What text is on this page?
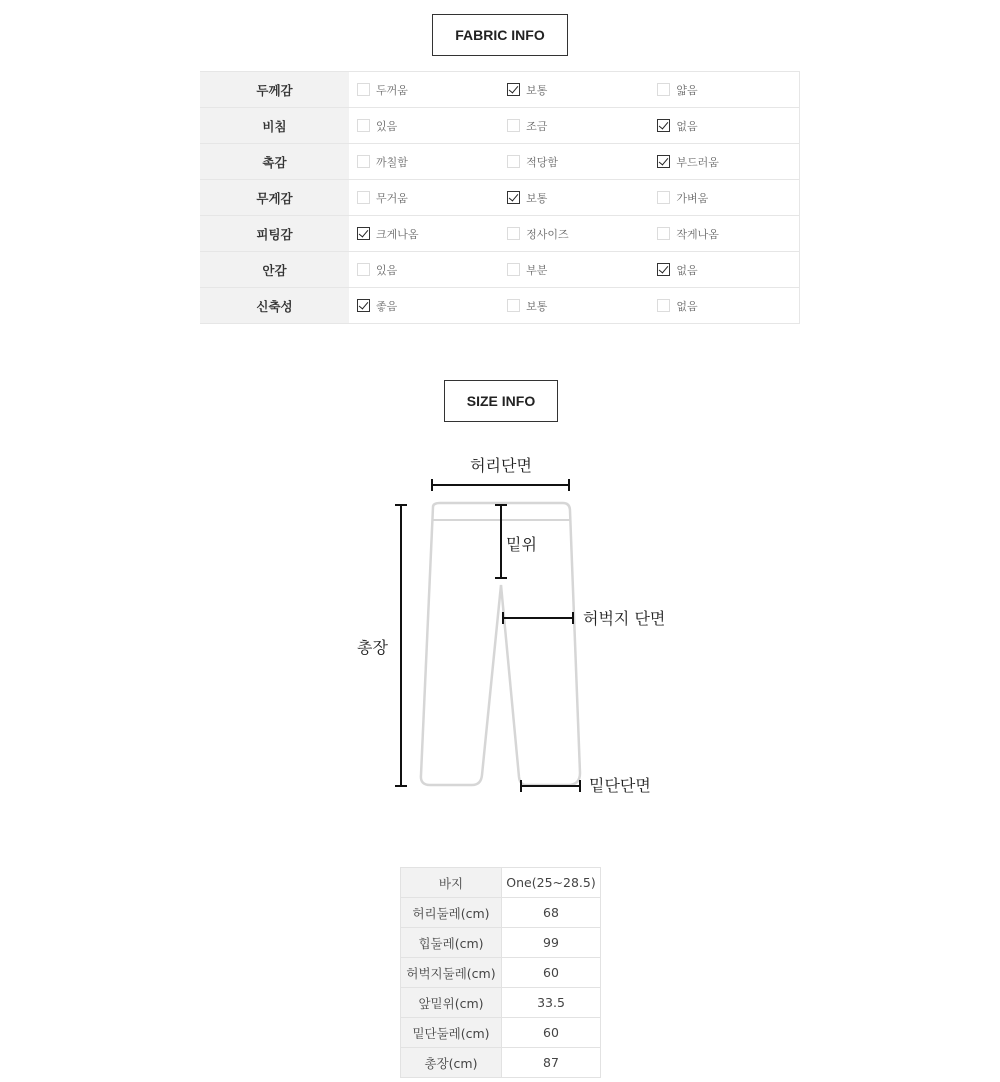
FABRIC INFO
두께감	두꺼움	보통	얇음

비침	있음	조금	없음

촉감	까칠함	적당함	부드러움

무게감	무거움	보통	가벼움

피팅감	크게나옴	정사이즈	작게나옴

안감	있음	부분	없음

신축성	좋음	보통	없음
SIZE INFO
허리단면
밑위
허벅지 단면
총장
밑단단면
바지	One(25~28.5)
허리둘레(cm)	68
힙둘레(cm)	99
허벅지둘레(cm)	60
앞밑위(cm)	33.5
밑단둘레(cm)	60
총장(cm)	87
